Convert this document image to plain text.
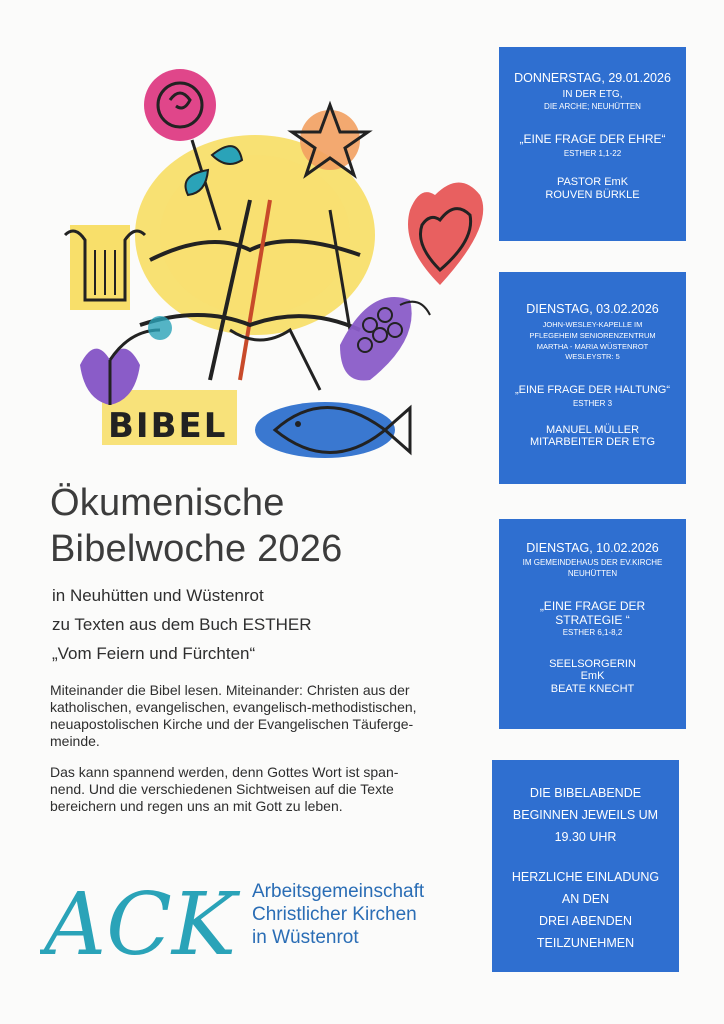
BIBEL
Ökumenische
Bibelwoche 2026
in Neuhütten und Wüstenrot
zu Texten aus dem Buch ESTHER
„Vom Feiern und Fürchten“
Miteinander die Bibel lesen. Miteinander: Christen aus der
katholischen, evangelischen, evangelisch-methodistischen,
neuapostolischen Kirche und der Evangelischen Täuferge-
meinde.
Das kann spannend werden, denn Gottes Wort ist span-
nend. Und die verschiedenen Sichtweisen auf die Texte
bereichern und regen uns an mit Gott zu leben.
ACK Arbeitsgemeinschaft
Christlicher Kirchen
in Wüstenrot
DONNERSTAG, 29.01.2026
IN DER ETG,
DIE ARCHE; NEUHÜTTEN
„EINE FRAGE DER EHRE“
ESTHER 1,1-22
PASTOR EmK
ROUVEN BÜRKLE
DIENSTAG, 03.02.2026
JOHN-WESLEY-KAPELLE IM
PFLEGEHEIM SENIORENZENTRUM
MARTHA - MARIA WÜSTENROT
WESLEYSTR: 5
„EINE FRAGE DER HALTUNG“
ESTHER 3
MANUEL MÜLLER
MITARBEITER DER ETG
DIENSTAG, 10.02.2026
IM GEMEINDEHAUS DER EV.KIRCHE
NEUHÜTTEN
„EINE FRAGE DER
STRATEGIE “
ESTHER 6,1-8,2
SEELSORGERIN
EmK
BEATE KNECHT
DIE BIBELABENDE
BEGINNEN JEWEILS UM
19.30 UHR
HERZLICHE EINLADUNG
AN DEN
DREI ABENDEN
TEILZUNEHMEN
